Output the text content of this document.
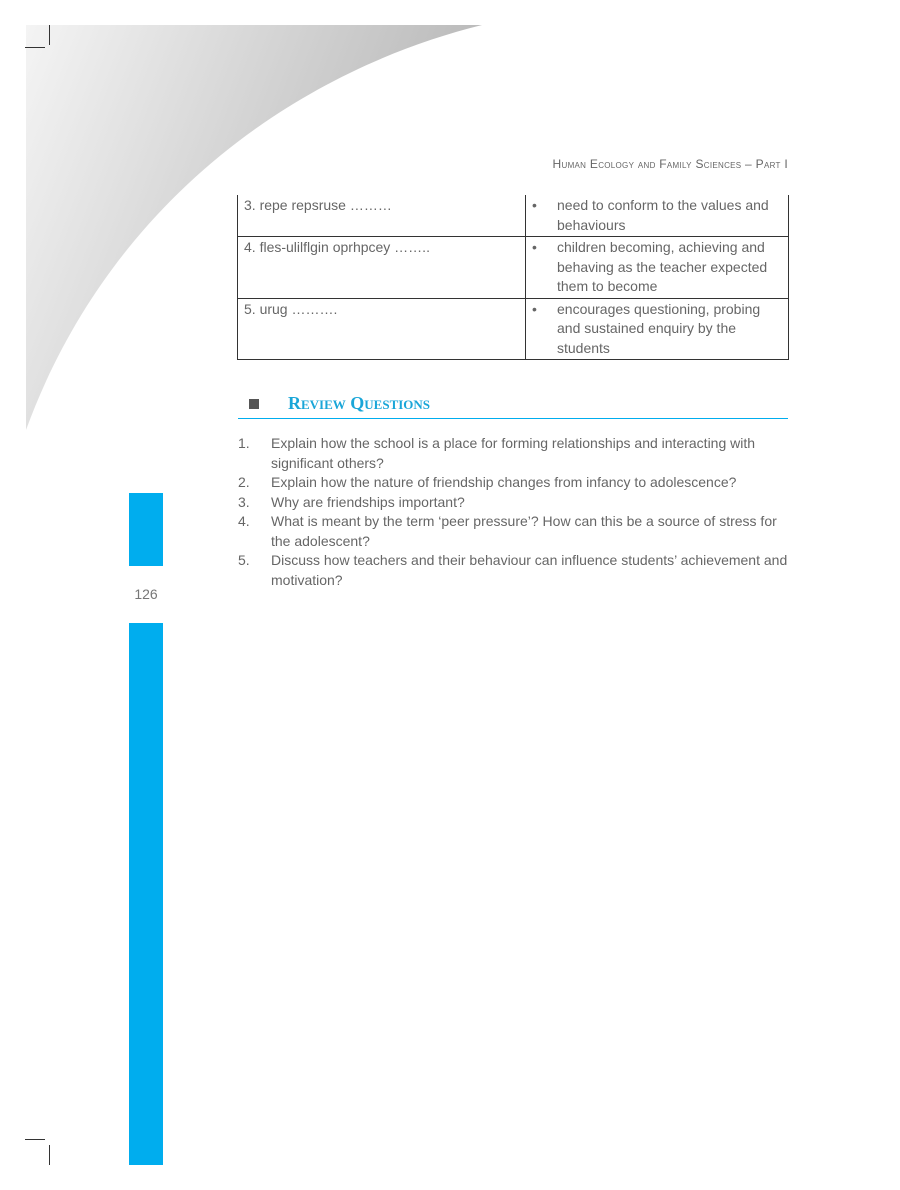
Human Ecology and Family Sciences – Part I
126
3. repe repsruse ………	• need to conform to the values and behaviours

4. fles-ulilflgin oprhpcey ……..	• children becoming, achieving and behaving as the teacher expected them to become

5. urug ……….	• encourages questioning, probing and sustained enquiry by the students
Review Questions
1.	Explain how the school is a place for forming relationships and interacting with significant others?
2.	Explain how the nature of friendship changes from infancy to adolescence?
3.	Why are friendships important?
4.	What is meant by the term ‘peer pressure’? How can this be a source of stress for the adolescent?
5.	Discuss how teachers and their behaviour can influence students’ achievement and motivation?
